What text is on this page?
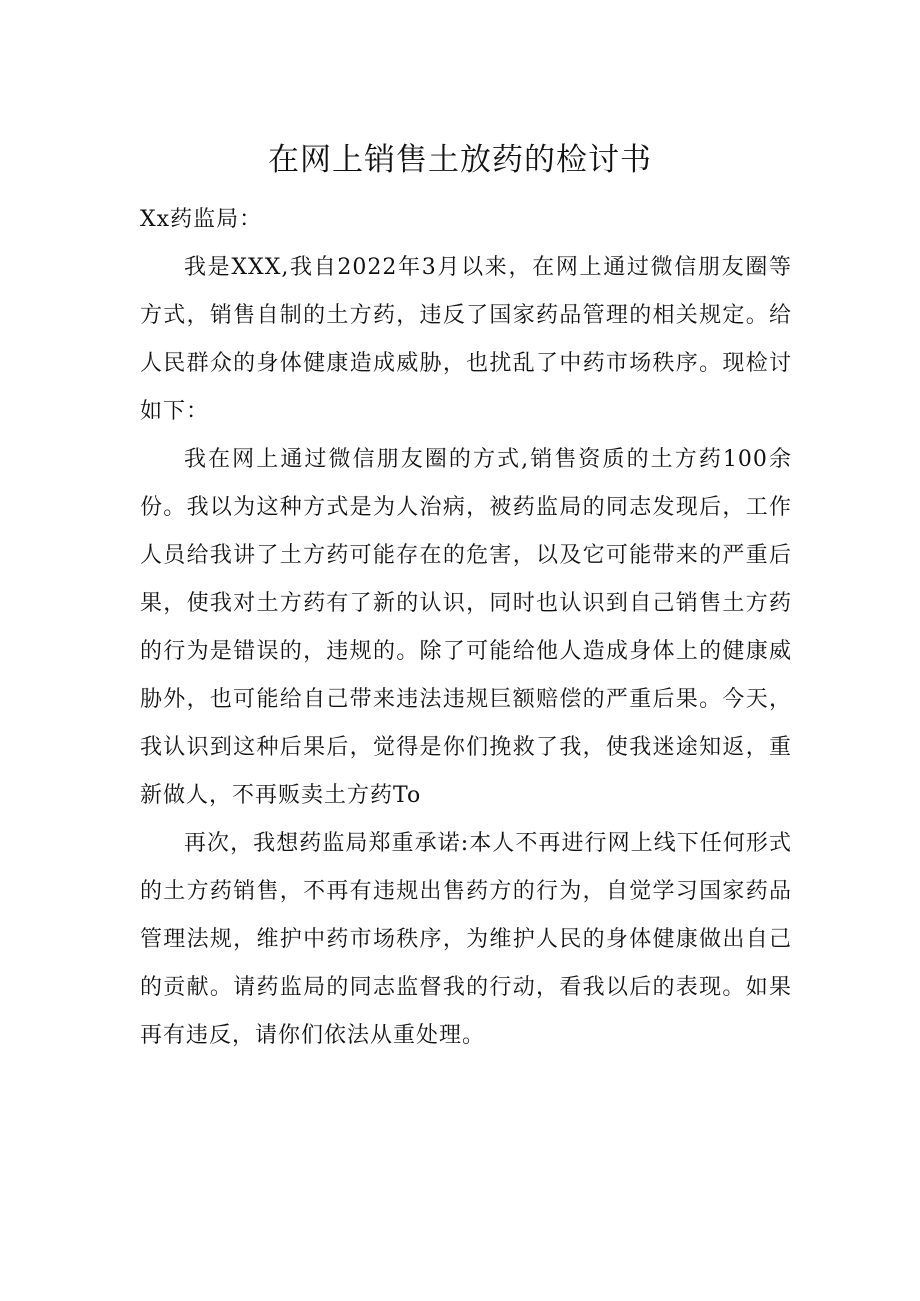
在网上销售土放药的检讨书

Xx药监局：

我是XXX,我自2022年3月以来，在网上通过微信朋友圈等方式，销售自制的土方药，违反了国家药品管理的相关规定。给人民群众的身体健康造成威胁，也扰乱了中药市场秩序。现检讨如下：

我在网上通过微信朋友圈的方式,销售资质的土方药100余份。我以为这种方式是为人治病，被药监局的同志发现后，工作人员给我讲了土方药可能存在的危害，以及它可能带来的严重后果，使我对土方药有了新的认识，同时也认识到自己销售土方药的行为是错误的，违规的。除了可能给他人造成身体上的健康威胁外，也可能给自己带来违法违规巨额赔偿的严重后果。今天，我认识到这种后果后，觉得是你们挽救了我，使我迷途知返，重新做人，不再贩卖土方药To

再次，我想药监局郑重承诺:本人不再进行网上线下任何形式的土方药销售，不再有违规出售药方的行为，自觉学习国家药品管理法规，维护中药市场秩序，为维护人民的身体健康做出自己的贡献。请药监局的同志监督我的行动，看我以后的表现。如果再有违反，请你们依法从重处理。
